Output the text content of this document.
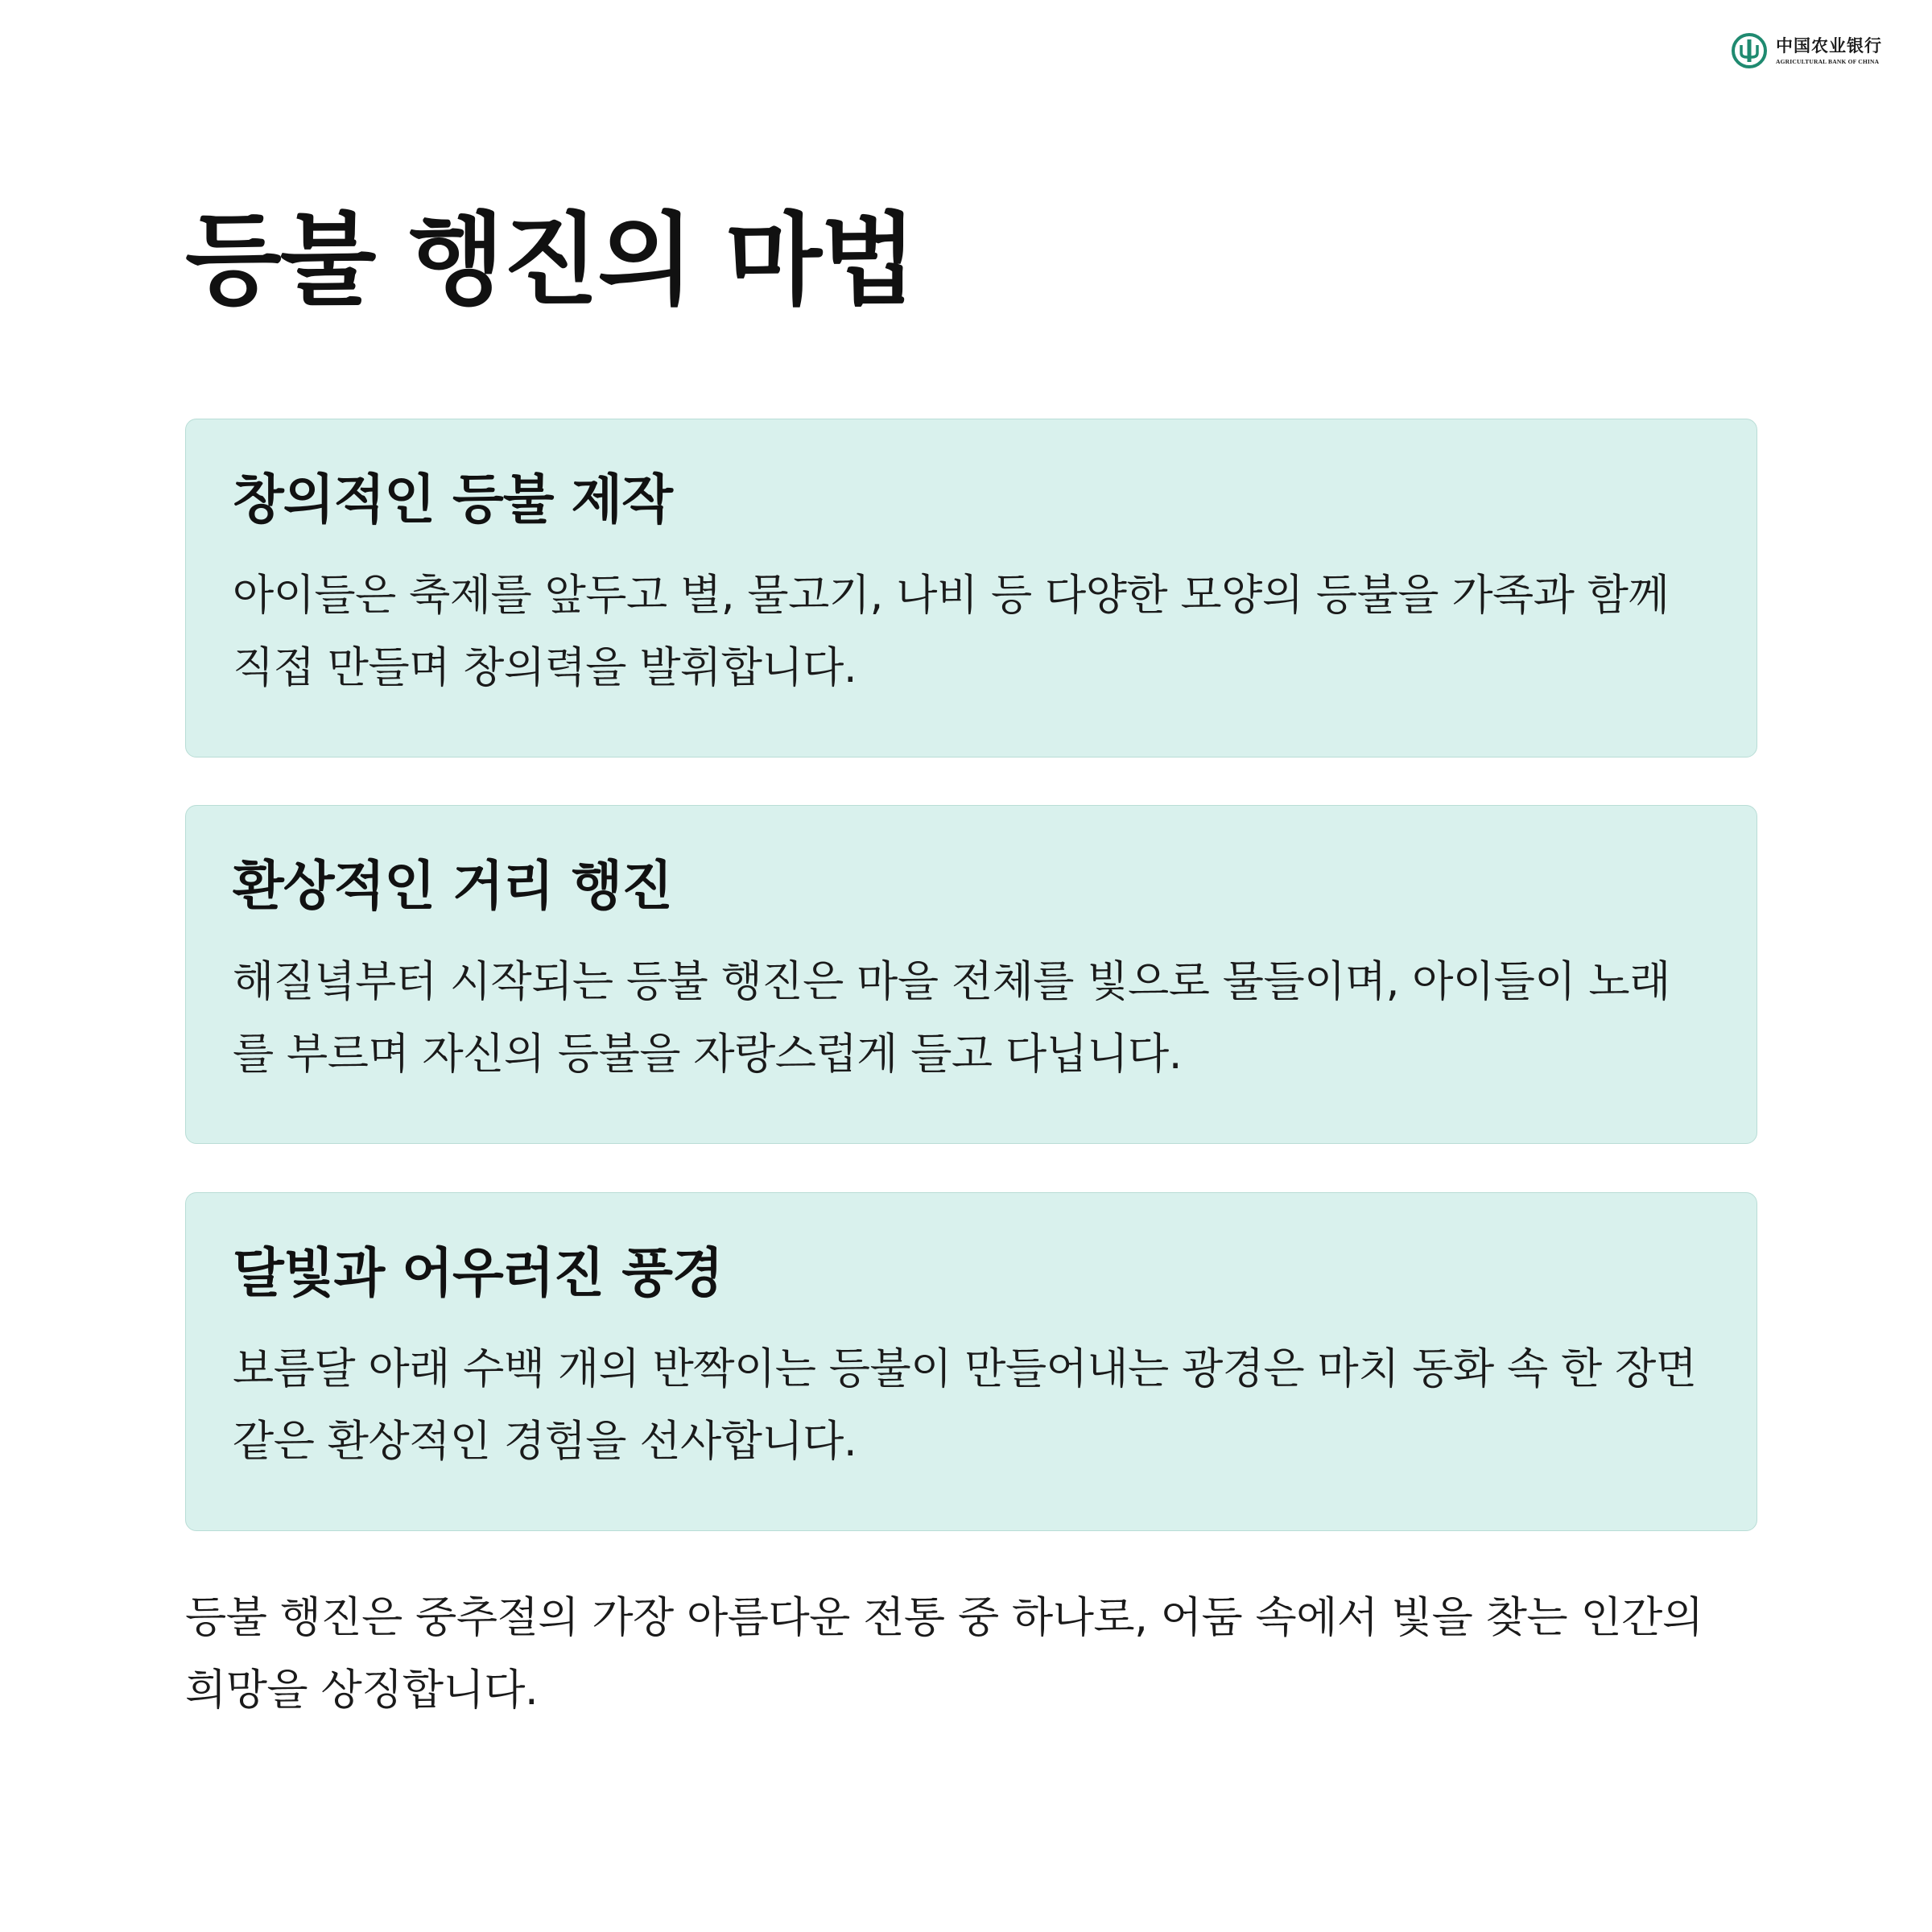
中国农业银行
AGRICULTURAL BANK OF CHINA
등불 행진의 마법
창의적인 등불 제작

아이들은 축제를 앞두고 별, 물고기, 나비 등 다양한 모양의 등불을 가족과 함께 직접 만들며 창의력을 발휘합니다.

환상적인 거리 행진

해질녘부터 시작되는 등불 행진은 마을 전체를 빛으로 물들이며, 아이들이 노래를 부르며 자신의 등불을 자랑스럽게 들고 다닙니다.

달빛과 어우러진 풍경

보름달 아래 수백 개의 반짝이는 등불이 만들어내는 광경은 마치 동화 속 한 장면 같은 환상적인 경험을 선사합니다.

등불 행진은 중추절의 가장 아름다운 전통 중 하나로, 어둠 속에서 빛을 찾는 인간의 희망을 상징합니다.
